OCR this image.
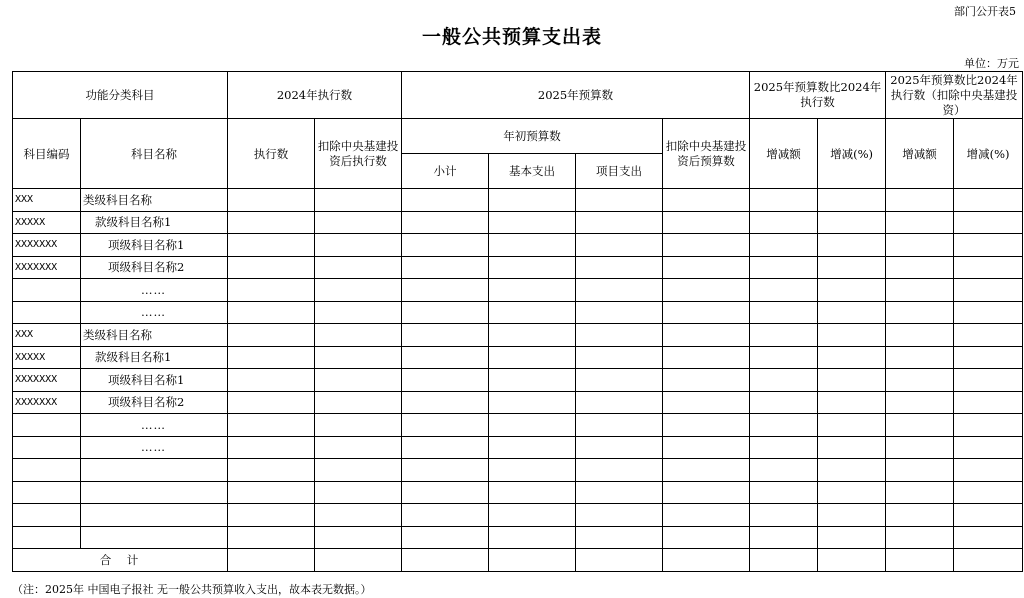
部门公开表5
一般公共预算支出表
单位：万元
功能分类科目		2024年执行数		2025年预算数				2025年预算数比2024年执行数		2025年预算数比2024年执行数（扣除中央基建投资）	
科目编码	科目名称	执行数	扣除中央基建投资后执行数	年初预算数			扣除中央基建投资后预算数	增减额	增减(%)	增减额	增减(%)
				小计	基本支出	项目支出					
XXX	类级科目名称										
XXXXX	款级科目名称1										
XXXXXXX	项级科目名称1										
XXXXXXX	项级科目名称2										
	……										
	……										
XXX	类级科目名称										
XXXXX	款级科目名称1										
XXXXXXX	项级科目名称1										
XXXXXXX	项级科目名称2										
	……										
	……										

合　计											
（注：2025年 中国电子报社 无一般公共预算收入支出，故本表无数据。）
